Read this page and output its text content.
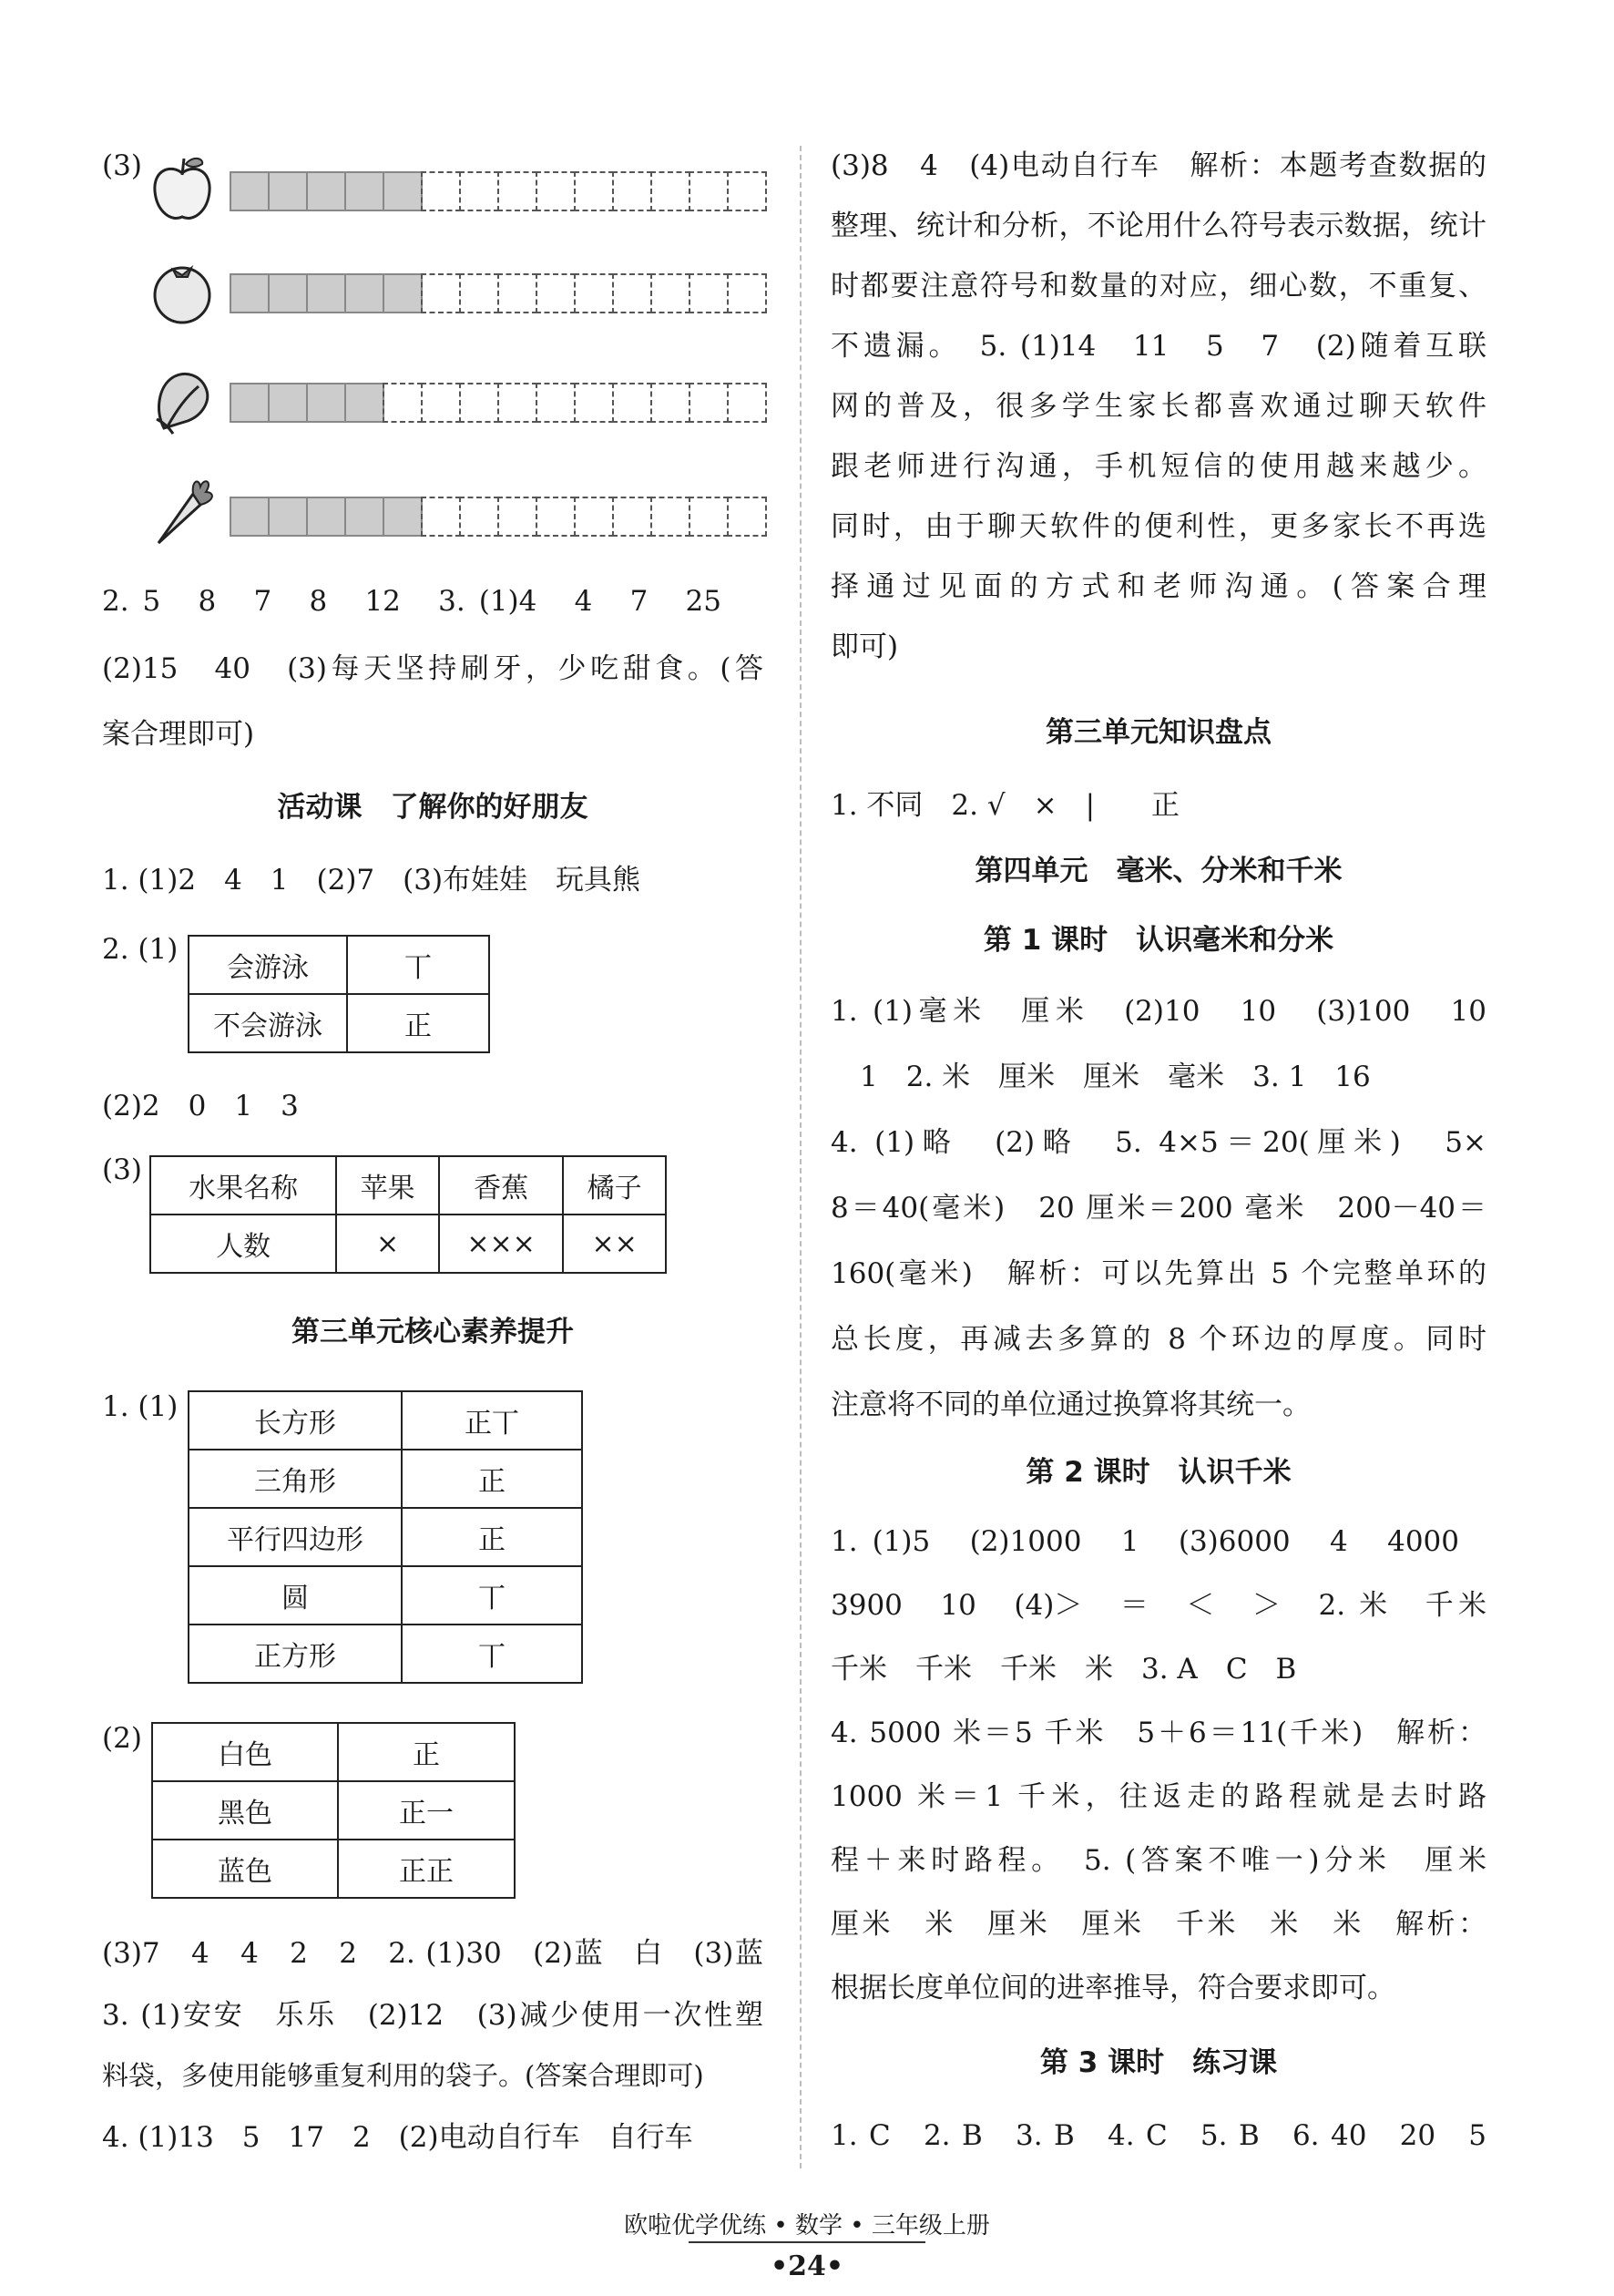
(3)
2. 5　8　7　8　12　3. (1)4　4　7　25
(2)15　40　(3)每天坚持刷牙，少吃甜食。(答
案合理即可)
活动课　了解你的好朋友
1. (1)2　4　1　(2)7　(3)布娃娃　玩具熊
2. (1)
会游泳	丅
不会游泳	正
(2)2　0　1　3
(3)
水果名称	苹果	香蕉	橘子
人数	×	×××	××
第三单元核心素养提升
1. (1)
长方形	正丅
三角形	正
平行四边形	正
圆	丅
正方形	丅
(2)
白色	正
黑色	正一
蓝色	正正
(3)7　4　4　2　2　2. (1)30　(2)蓝　白　(3)蓝
3. (1)安安　乐乐　(2)12　(3)减少使用一次性塑
料袋，多使用能够重复利用的袋子。(答案合理即可)
4. (1)13　5　17　2　(2)电动自行车　自行车
(3)8　4　(4)电动自行车　解析：本题考查数据的
整理、统计和分析，不论用什么符号表示数据，统计
时都要注意符号和数量的对应，细心数，不重复、
不遗漏。　5. (1)14　11　5　7　(2)随着互联
网的普及，很多学生家长都喜欢通过聊天软件
跟老师进行沟通，手机短信的使用越来越少。
同时，由于聊天软件的便利性，更多家长不再选
择通过见面的方式和老师沟通。(答案合理
即可)
第三单元知识盘点
1. 不同　2. √　×　|　　正
第四单元　毫米、分米和千米
第 1 课时　认识毫米和分米
1. (1)毫米　厘米　(2)10　10　(3)100　10
1　2. 米　厘米　厘米　毫米　3. 1　16
4. (1)略　(2)略　5. 4×5＝20(厘米)　5×
8＝40(毫米)　20 厘米＝200 毫米　200－40＝
160(毫米)　解析：可以先算出 5 个完整单环的
总长度，再减去多算的 8 个环边的厚度。同时
注意将不同的单位通过换算将其统一。
第 2 课时　认识千米
1. (1)5　(2)1000　1　(3)6000　4　4000
3900　10　(4)＞　＝　＜　＞　2. 米　千米
千米　千米　千米　米　3. A　C　B
4. 5000 米＝5 千米　5＋6＝11(千米)　解析：
1000 米＝1 千米，往返走的路程就是去时路
程＋来时路程。　5. (答案不唯一)分米　厘米
厘米　米　厘米　厘米　千米　米　米　解析：
根据长度单位间的进率推导，符合要求即可。
第 3 课时　练习课
1. C　2. B　3. B　4. C　5. B　6. 40　20　5
欧啦优学优练 • 数学 • 三年级上册
•24•
